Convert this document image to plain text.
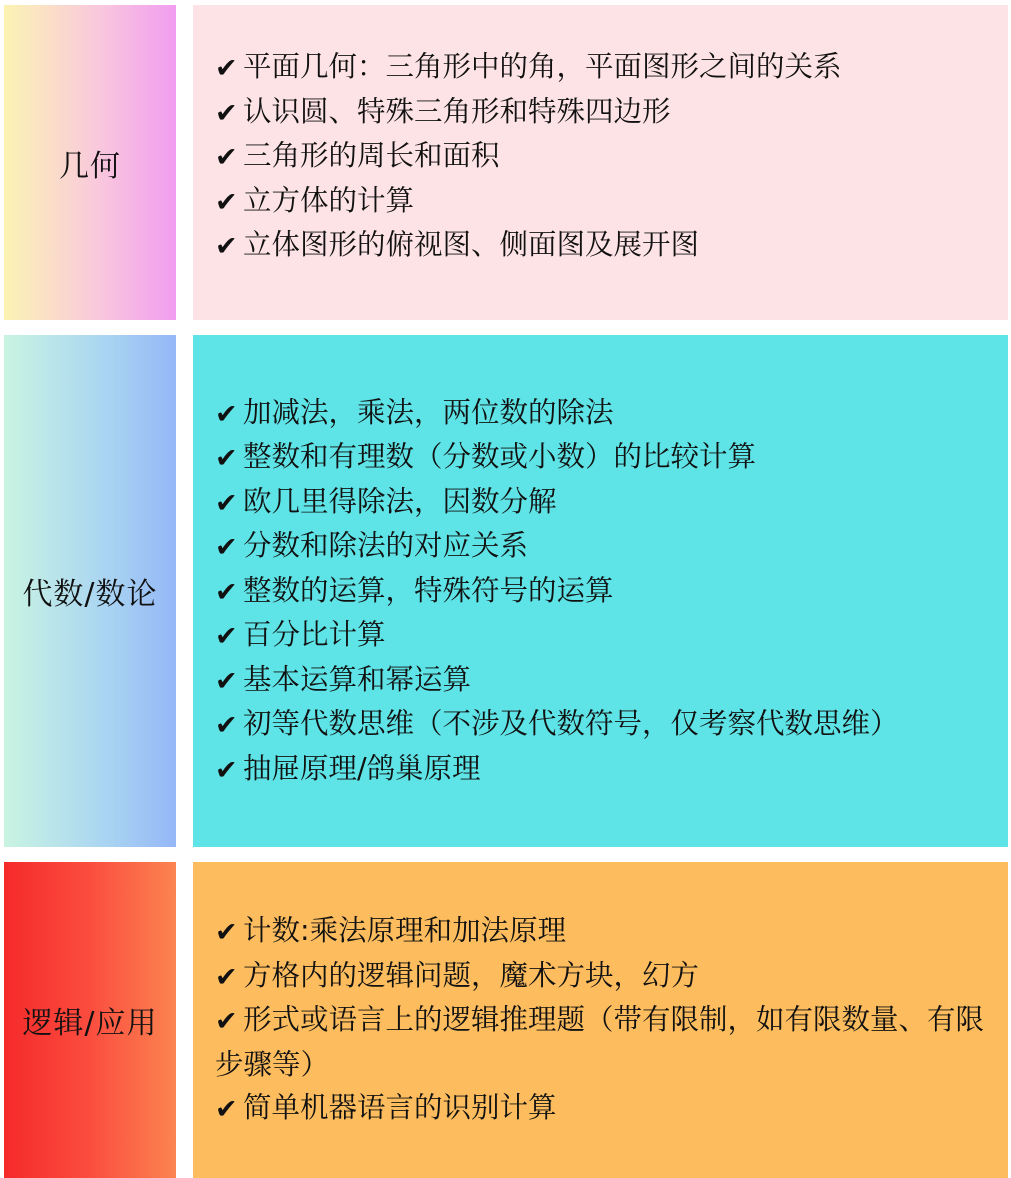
几何
✔ 平面几何：三角形中的角，平面图形之间的关系
✔ 认识圆、特殊三角形和特殊四边形
✔ 三角形的周长和面积
✔ 立方体的计算
✔ 立体图形的俯视图、侧面图及展开图
代数/数论
✔ 加减法，乘法，两位数的除法
✔ 整数和有理数（分数或小数）的比较计算
✔ 欧几里得除法，因数分解
✔ 分数和除法的对应关系
✔ 整数的运算，特殊符号的运算
✔ 百分比计算
✔ 基本运算和幂运算
✔ 初等代数思维（不涉及代数符号，仅考察代数思维）
✔ 抽屉原理/鸽巢原理
逻辑/应用
✔ 计数:乘法原理和加法原理
✔ 方格内的逻辑问题，魔术方块，幻方
✔ 形式或语言上的逻辑推理题（带有限制，如有限数量、有限步骤等）
✔ 简单机器语言的识别计算
